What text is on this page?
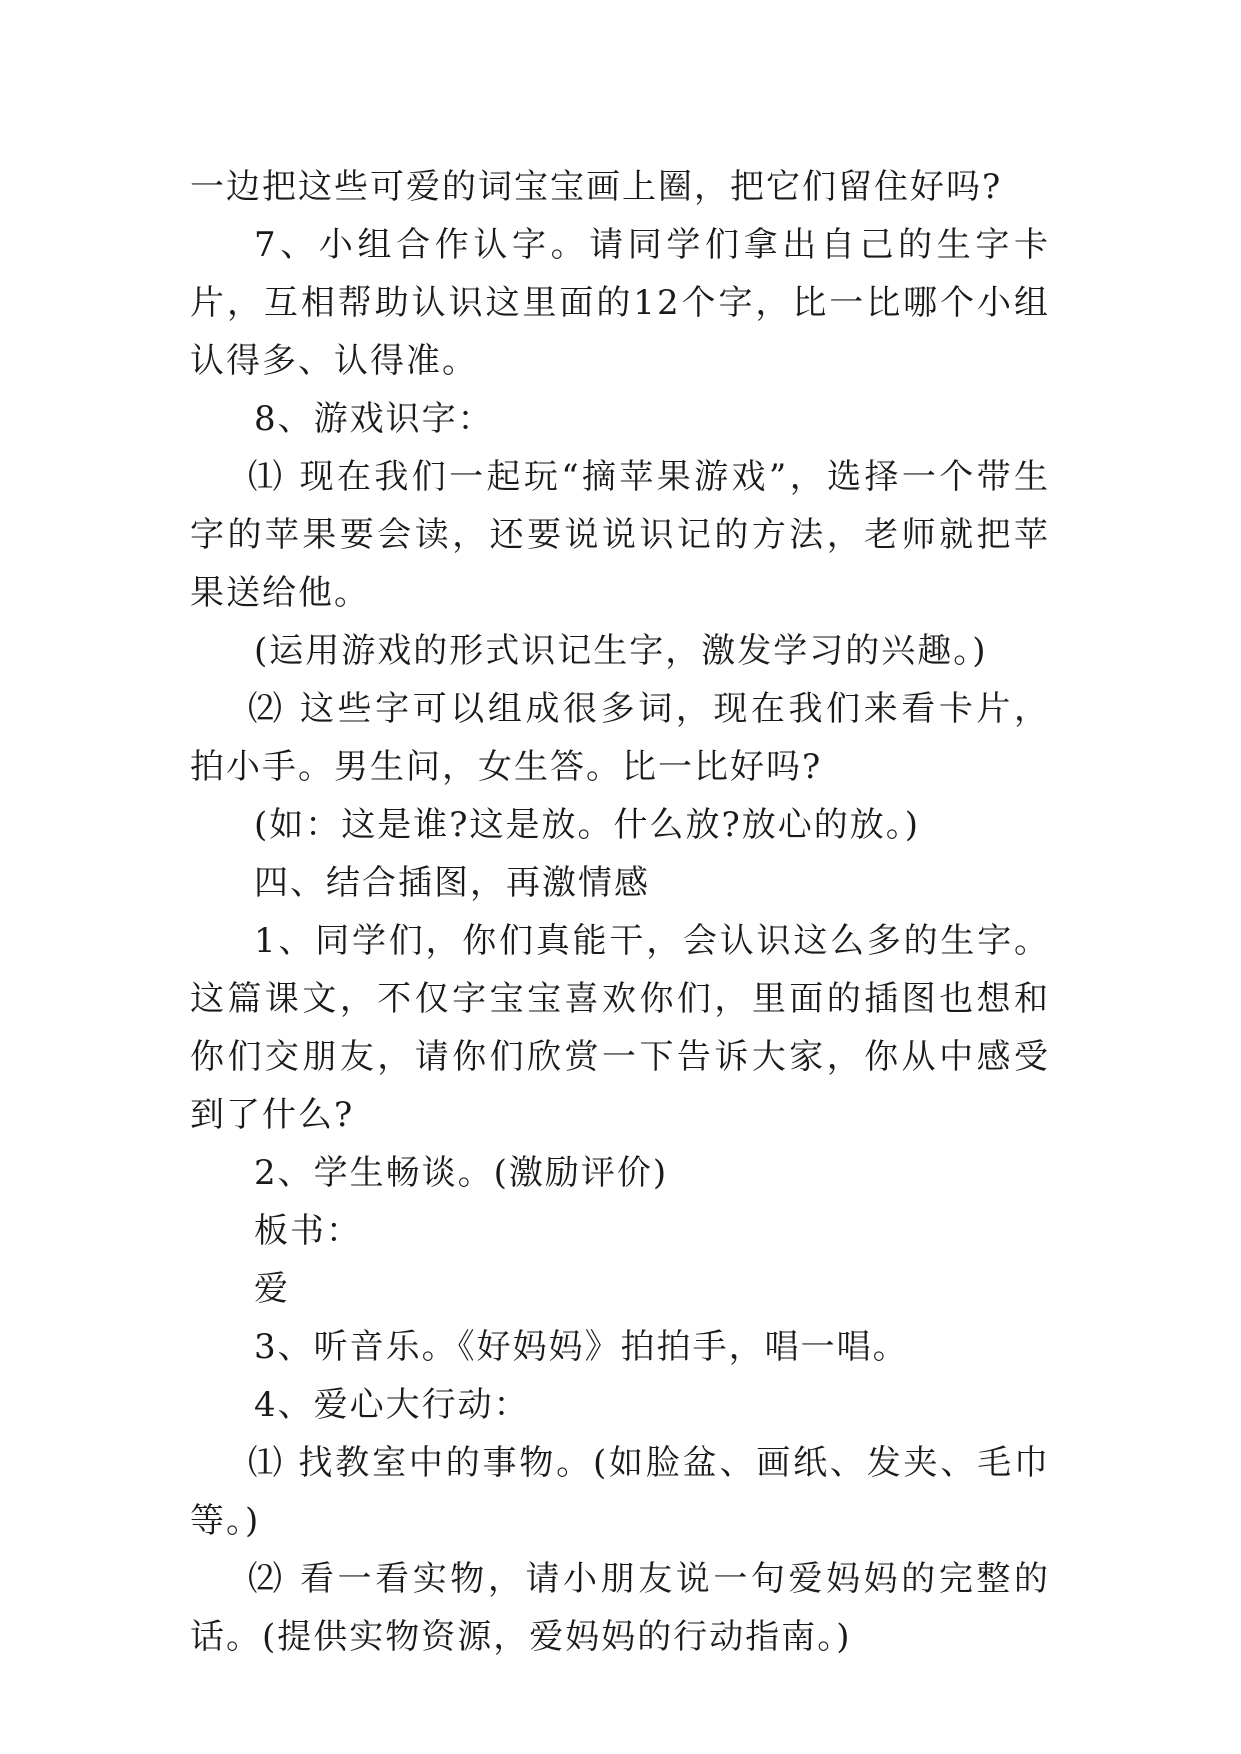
一边把这些可爱的词宝宝画上圈，把它们留住好吗?

7、小组合作认字。请同学们拿出自己的生字卡片，互相帮助认识这里面的12个字，比一比哪个小组认得多、认得准。

8、游戏识字：

⑴ 现在我们一起玩“摘苹果游戏”，选择一个带生字的苹果要会读，还要说说识记的方法，老师就把苹果送给他。

(运用游戏的形式识记生字，激发学习的兴趣。)

⑵ 这些字可以组成很多词，现在我们来看卡片，拍小手。男生问，女生答。比一比好吗?

(如：这是谁?这是放。什么放?放心的放。)

四、结合插图，再激情感

1、同学们，你们真能干，会认识这么多的生字。这篇课文，不仅字宝宝喜欢你们，里面的插图也想和你们交朋友，请你们欣赏一下告诉大家，你从中感受到了什么?

2、学生畅谈。(激励评价)

板书：

爱

3、听音乐。《好妈妈》拍拍手，唱一唱。

4、爱心大行动：

⑴ 找教室中的事物。(如脸盆、画纸、发夹、毛巾等。)

⑵ 看一看实物，请小朋友说一句爱妈妈的完整的话。(提供实物资源，爱妈妈的行动指南。)
